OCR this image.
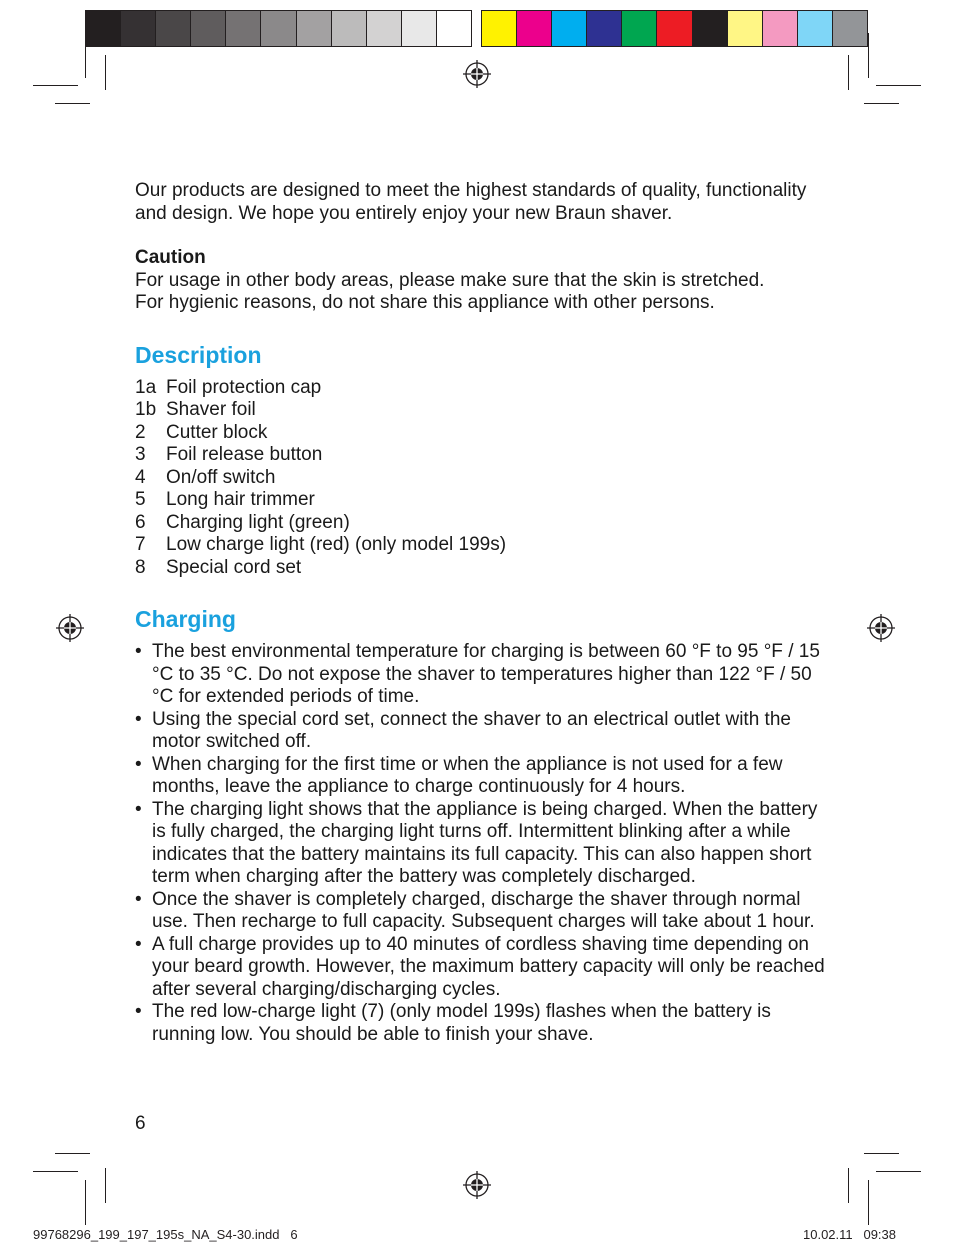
Our products are designed to meet the highest standards of quality, functionality and design. We hope you entirely enjoy your new Braun shaver.

Caution

For usage in other body areas, please make sure that the skin is stretched.

For hygienic reasons, do not share this appliance with other persons.

Description
1a Foil protection cap
1b Shaver foil
2	Cutter block
3	Foil release button
4	On/off switch
5	Long hair trimmer
6	Charging light (green)
7	Low charge light (red) (only model 199s)
8	Special cord set
Charging
• The best environmental temperature for charging is between 60 °F to 95 °F / 15 °C to 35 °C. Do not expose the shaver to temperatures higher than 122 °F / 50 °C for extended periods of time.
• Using the special cord set, connect the shaver to an electrical outlet with the motor switched off.
• When charging for the first time or when the appliance is not used for a few months, leave the appliance to charge continuously for 4 hours.
• The charging light shows that the appliance is being charged. When the battery is fully charged, the charging light turns off. Intermittent blinking after a while indicates that the battery maintains its full capacity. This can also happen short term when charging after the battery was completely discharged.
• Once the shaver is completely charged, discharge the shaver through normal use. Then recharge to full capacity. Subsequent charges will take about 1 hour.
• A full charge provides up to 40 minutes of cordless shaving time depending on your beard growth. However, the maximum battery capacity will only be reached after several charging/discharging cycles.
• The red low-charge light (7) (only model 199s) flashes when the battery is running low. You should be able to finish your shave.
6
99768296_199_197_195s_NA_S4-30.indd   6	10.02.11   09:38
